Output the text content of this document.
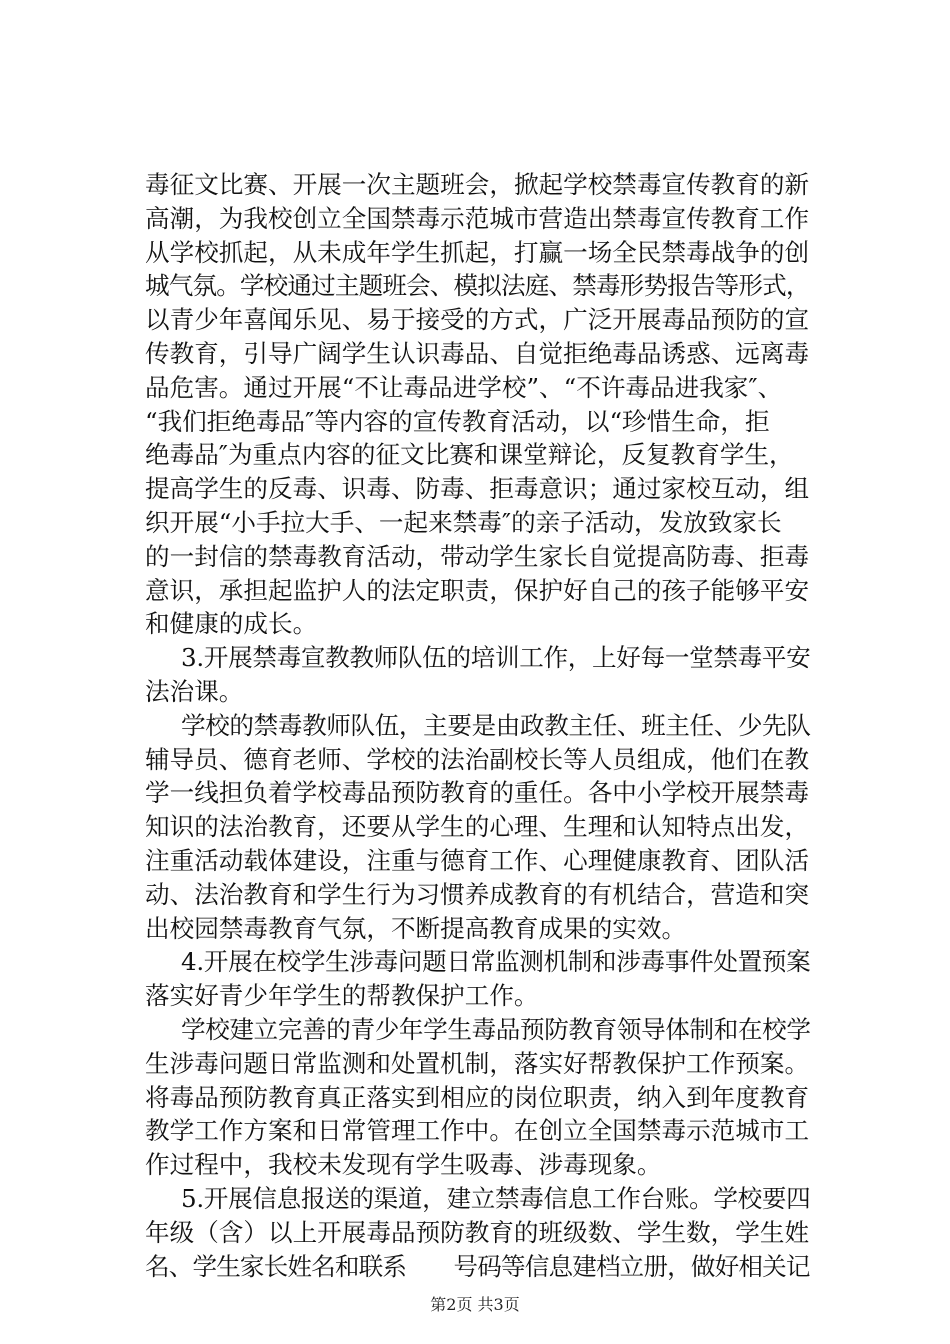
毒征文比赛、开展一次主题班会，掀起学校禁毒宣传教育的新
高潮，为我校创立全国禁毒示范城市营造出禁毒宣传教育工作
从学校抓起，从未成年学生抓起，打赢一场全民禁毒战争的创
城气氛。学校通过主题班会、模拟法庭、禁毒形势报告等形式，
以青少年喜闻乐见、易于接受的方式，广泛开展毒品预防的宣
传教育，引导广阔学生认识毒品、自觉拒绝毒品诱惑、远离毒
品危害。通过开展“不让毒品进学校”、“不许毒品进我家″、
“我们拒绝毒品″等内容的宣传教育活动，以“珍惜生命，拒
绝毒品″为重点内容的征文比赛和课堂辩论，反复教育学生，
提高学生的反毒、识毒、防毒、拒毒意识；通过家校互动，组
织开展“小手拉大手、一起来禁毒″的亲子活动，发放致家长
的一封信的禁毒教育活动，带动学生家长自觉提高防毒、拒毒
意识，承担起监护人的法定职责，保护好自己的孩子能够平安
和健康的成长。
3.开展禁毒宣教教师队伍的培训工作，上好每一堂禁毒平安
法治课。
学校的禁毒教师队伍，主要是由政教主任、班主任、少先队
辅导员、德育老师、学校的法治副校长等人员组成，他们在教
学一线担负着学校毒品预防教育的重任。各中小学校开展禁毒
知识的法治教育，还要从学生的心理、生理和认知特点出发，
注重活动载体建设，注重与德育工作、心理健康教育、团队活
动、法治教育和学生行为习惯养成教育的有机结合，营造和突
出校园禁毒教育气氛，不断提高教育成果的实效。
4.开展在校学生涉毒问题日常监测机制和涉毒事件处置预案
落实好青少年学生的帮教保护工作。
学校建立完善的青少年学生毒品预防教育领导体制和在校学
生涉毒问题日常监测和处置机制，落实好帮教保护工作预案。
将毒品预防教育真正落实到相应的岗位职责，纳入到年度教育
教学工作方案和日常管理工作中。在创立全国禁毒示范城市工
作过程中，我校未发现有学生吸毒、涉毒现象。
5.开展信息报送的渠道，建立禁毒信息工作台账。学校要四
年级（含）以上开展毒品预防教育的班级数、学生数，学生姓
名、学生家长姓名和联系　　号码等信息建档立册，做好相关记
第2页 共3页
